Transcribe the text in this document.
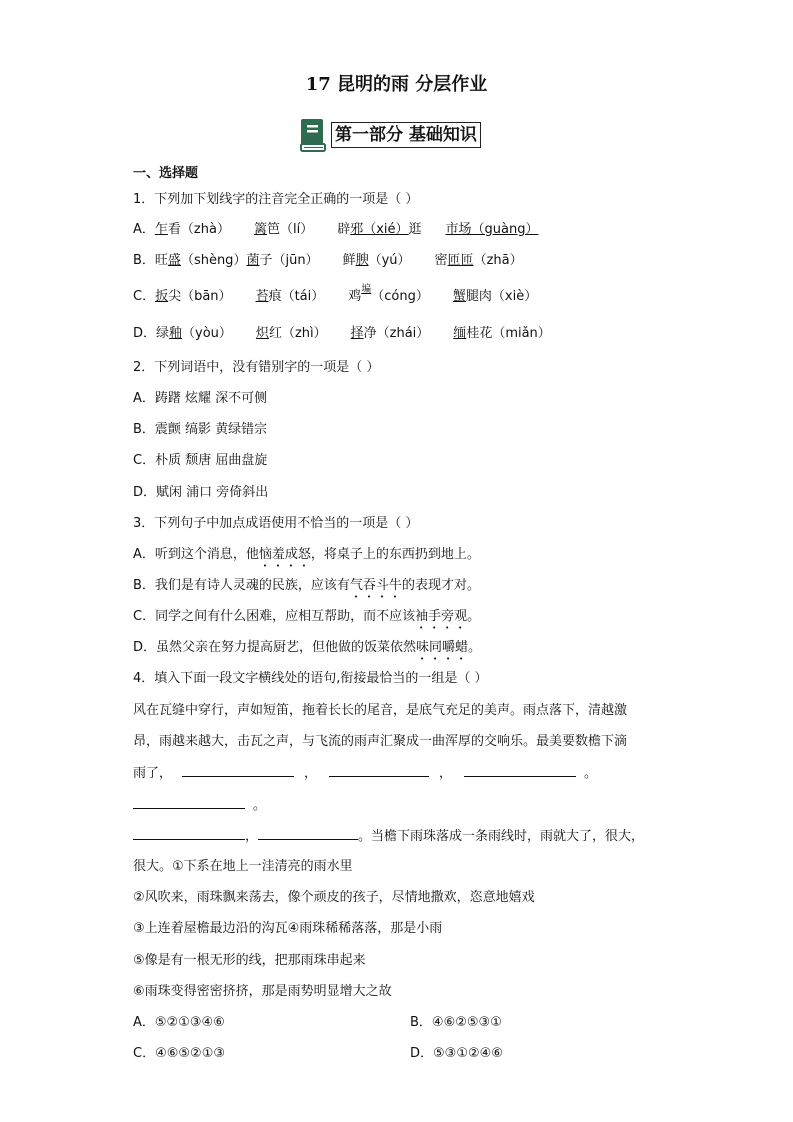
17 昆明的雨 分层作业
第一部分 基础知识
一、选择题
1．下列加下划线字的注音完全正确的一项是（ ）
A．乍看（zhà） 篱笆（lí） 辟邪（xié）逛 市场（guàng）
B．旺盛（shèng）菌子（jūn） 鲜腴（yú） 密匝匝（zhā）
C．扳尖（bān） 苔痕（tái） 鸡$^𡎚$（cóng） 蟹腿肉（xiè）
D．绿釉（yòu） 炽红（zhì） 择净（zhái） 缅桂花（miǎn）
2．下列词语中，没有错别字的一项是（ ）
A．踌躇 炫耀 深不可侧
B．震颤 缟影 黄绿错宗
C．朴质 颓唐 屈曲盘旋
D．赋闲 浦口 旁倚斜出
3．下列句子中加点成语使用不恰当的一项是（ ）
A．听到这个消息，他恼羞成怒，将桌子上的东西扔到地上。
B．我们是有诗人灵魂的民族，应该有气吞斗牛的表现才对。
C．同学之间有什么困难，应相互帮助，而不应该袖手旁观。
D．虽然父亲在努力提高厨艺，但他做的饭菜依然味同嚼蜡。
4．填入下面一段文字横线处的语句,衔接最恰当的一组是（ ）
风在瓦缝中穿行，声如短笛，拖着长长的尾音，是底气充足的美声。雨点落下，清越激
昂，雨越来越大，击瓦之声，与飞流的雨声汇聚成一曲浑厚的交响乐。最美要数檐下滴
雨了，	，	，	。
。
，	。当檐下雨珠落成一条雨线时，雨就大了，很大，
很大。①下系在地上一洼清亮的雨水里
②风吹来，雨珠飘来荡去，像个顽皮的孩子，尽情地撒欢，恣意地嬉戏
③上连着屋檐最边沿的沟瓦④雨珠稀稀落落，那是小雨
⑤像是有一根无形的线，把那雨珠串起来
⑥雨珠变得密密挤挤，那是雨势明显增大之故
A．⑤②①③④⑥	B．④⑥②⑤③①
C．④⑥⑤②①③	D．⑤③①②④⑥
